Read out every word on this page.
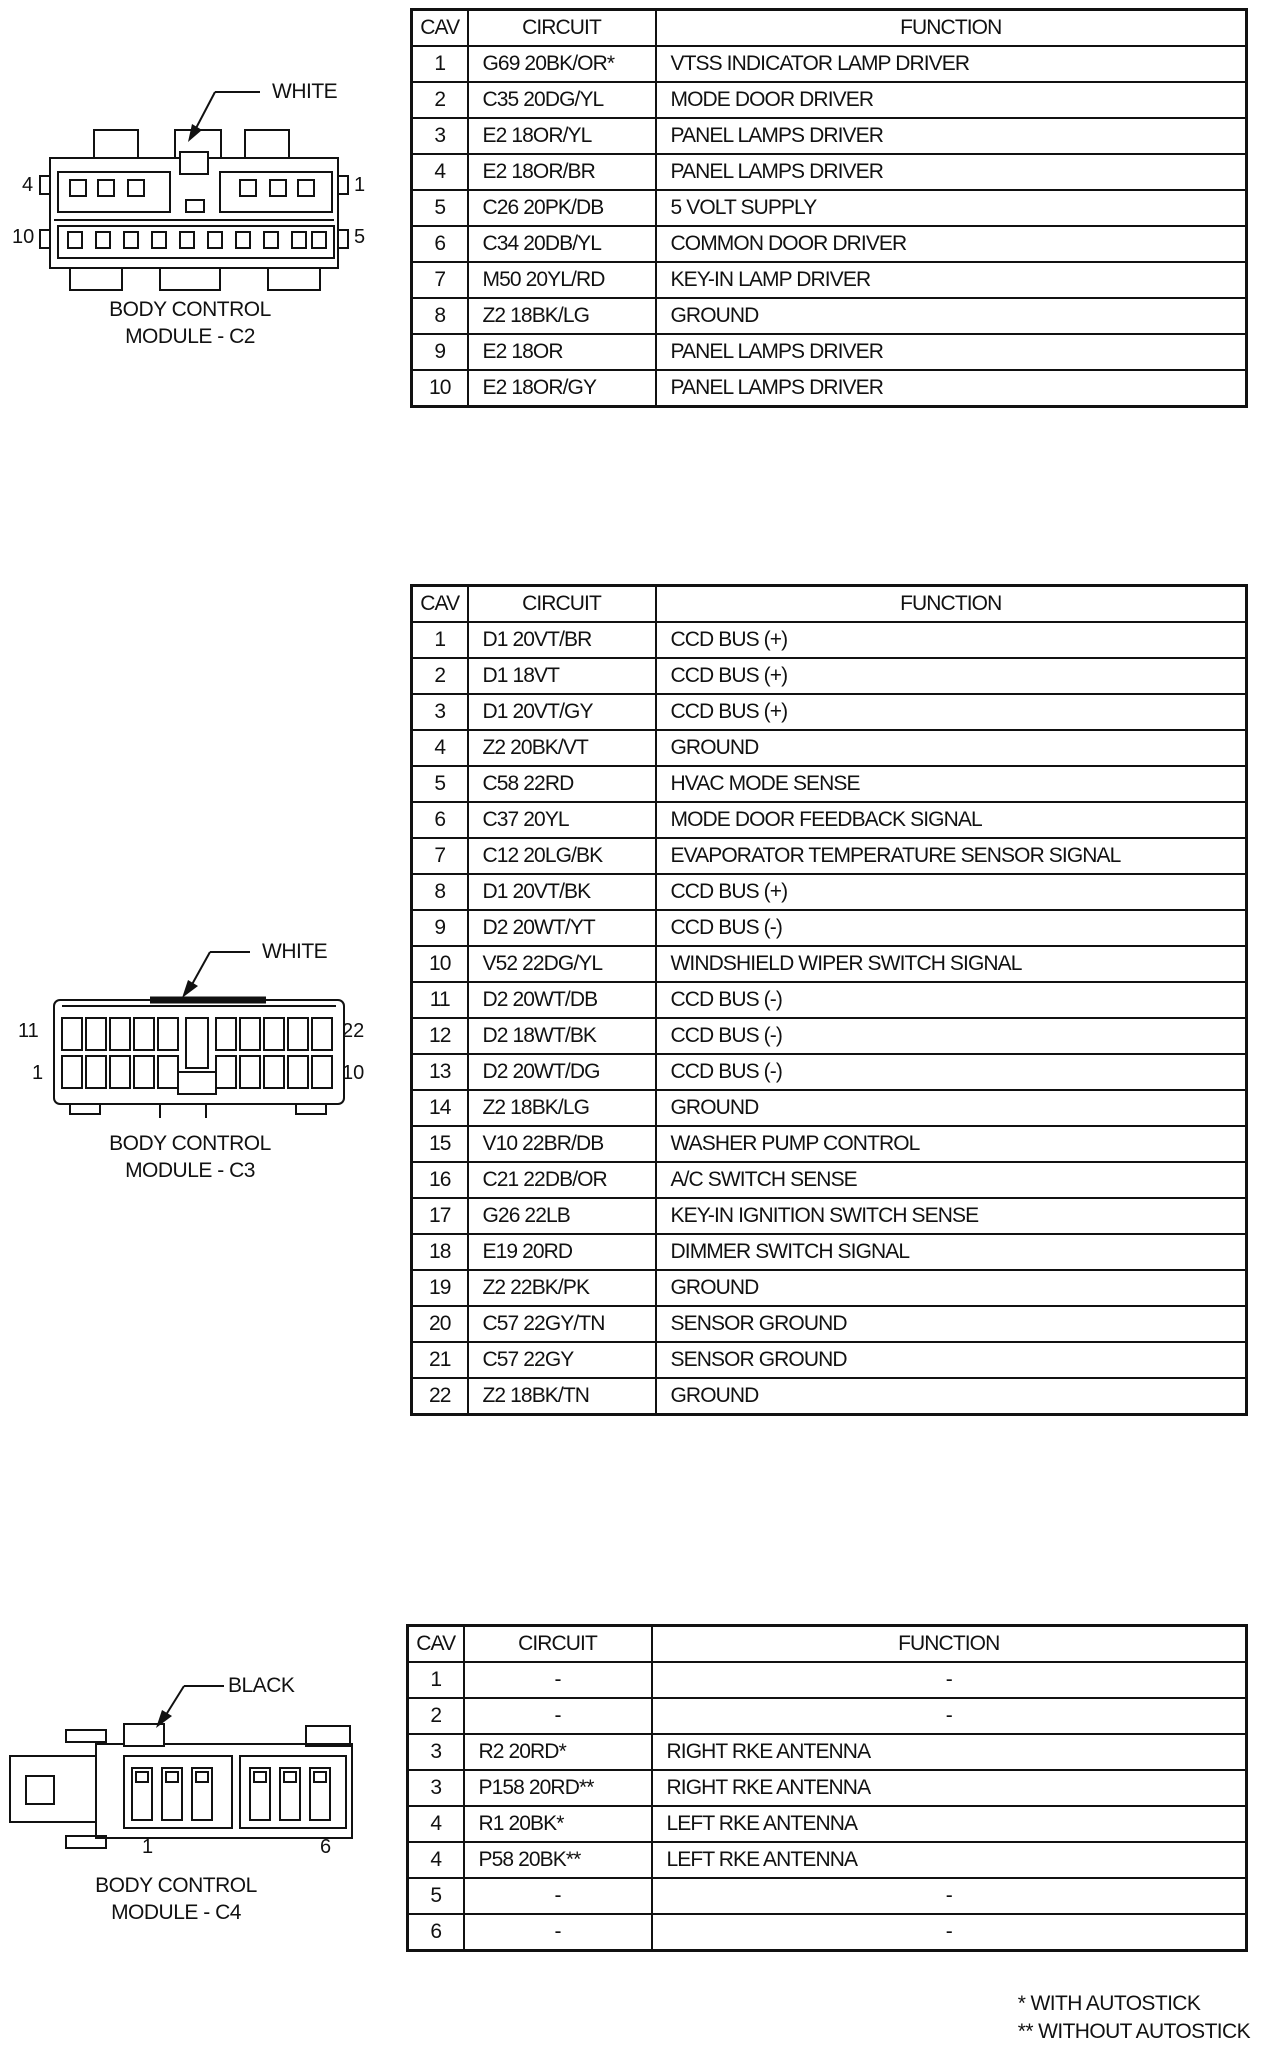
WHITE
4	1
10	5
BODY CONTROL
MODULE - C2
CAV	CIRCUIT	FUNCTION
1	G69 20BK/OR*	VTSS INDICATOR LAMP DRIVER
2	C35 20DG/YL	MODE DOOR DRIVER
3	E2 18OR/YL	PANEL LAMPS DRIVER
4	E2 18OR/BR	PANEL LAMPS DRIVER
5	C26 20PK/DB	5 VOLT SUPPLY
6	C34 20DB/YL	COMMON DOOR DRIVER
7	M50 20YL/RD	KEY-IN LAMP DRIVER
8	Z2 18BK/LG	GROUND
9	E2 18OR	PANEL LAMPS DRIVER
10	E2 18OR/GY	PANEL LAMPS DRIVER
WHITE
11	22
1	10
BODY CONTROL
MODULE - C3
CAV	CIRCUIT	FUNCTION
1	D1 20VT/BR	CCD BUS (+)
2	D1 18VT	CCD BUS (+)
3	D1 20VT/GY	CCD BUS (+)
4	Z2 20BK/VT	GROUND
5	C58 22RD	HVAC MODE SENSE
6	C37 20YL	MODE DOOR FEEDBACK SIGNAL
7	C12 20LG/BK	EVAPORATOR TEMPERATURE SENSOR SIGNAL
8	D1 20VT/BK	CCD BUS (+)
9	D2 20WT/YT	CCD BUS (-)
10	V52 22DG/YL	WINDSHIELD WIPER SWITCH SIGNAL
11	D2 20WT/DB	CCD BUS (-)
12	D2 18WT/BK	CCD BUS (-)
13	D2 20WT/DG	CCD BUS (-)
14	Z2 18BK/LG	GROUND
15	V10 22BR/DB	WASHER PUMP CONTROL
16	C21 22DB/OR	A/C SWITCH SENSE
17	G26 22LB	KEY-IN IGNITION SWITCH SENSE
18	E19 20RD	DIMMER SWITCH SIGNAL
19	Z2 22BK/PK	GROUND
20	C57 22GY/TN	SENSOR GROUND
21	C57 22GY	SENSOR GROUND
22	Z2 18BK/TN	GROUND
BLACK
1	6
BODY CONTROL
MODULE - C4
CAV	CIRCUIT	FUNCTION
1	-	-
2	-	-
3	R2 20RD*	RIGHT RKE ANTENNA
3	P158 20RD**	RIGHT RKE ANTENNA
4	R1 20BK*	LEFT RKE ANTENNA
4	P58 20BK**	LEFT RKE ANTENNA
5	-	-
6	-	-
* WITH AUTOSTICK
** WITHOUT AUTOSTICK
